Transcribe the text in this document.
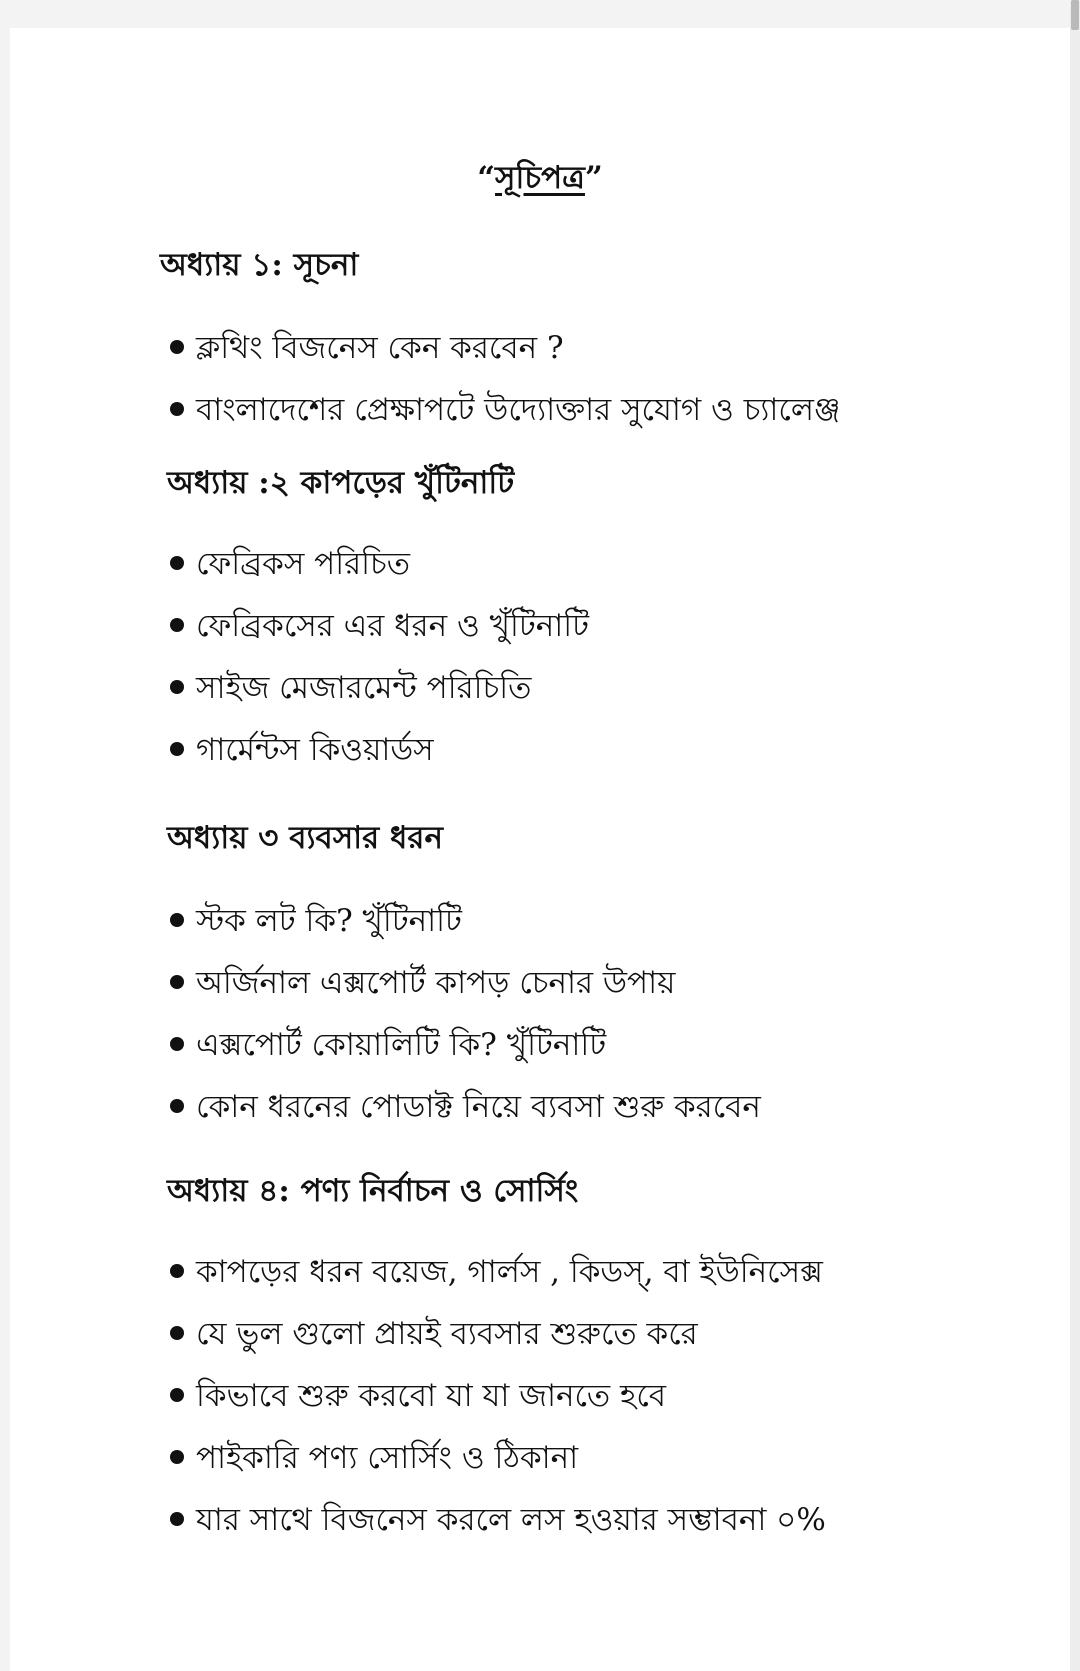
“সূচিপত্র”
অধ্যায় ১: সূচনা
ক্লথিং বিজনেস কেন করবেন ?
বাংলাদেশের প্রেক্ষাপটে উদ্যোক্তার সুযোগ ও চ্যালেঞ্জ
অধ্যায় :২ কাপড়ের খুঁটিনাটি
ফেব্রিকস পরিচিত
ফেব্রিকসের এর ধরন ও খুঁটিনাটি
সাইজ মেজারমেন্ট পরিচিতি
গার্মেন্টস কিওয়ার্ডস
অধ্যায় ৩ ব্যবসার ধরন
স্টক লট কি? খুঁটিনাটি
অর্জিনাল এক্সপোর্ট কাপড় চেনার উপায়
এক্সপোর্ট কোয়ালিটি কি? খুঁটিনাটি
কোন ধরনের পোডাক্ট নিয়ে ব্যবসা শুরু করবেন
অধ্যায় ৪: পণ্য নির্বাচন ও সোর্সিং
কাপড়ের ধরন বয়েজ, গার্লস , কিডস্, বা ইউনিসেক্স
যে ভুল গুলো প্রায়ই ব্যবসার শুরুতে করে
কিভাবে শুরু করবো যা যা জানতে হবে
পাইকারি পণ্য সোর্সিং ও ঠিকানা
যার সাথে বিজনেস করলে লস হওয়ার সম্ভাবনা ০%
